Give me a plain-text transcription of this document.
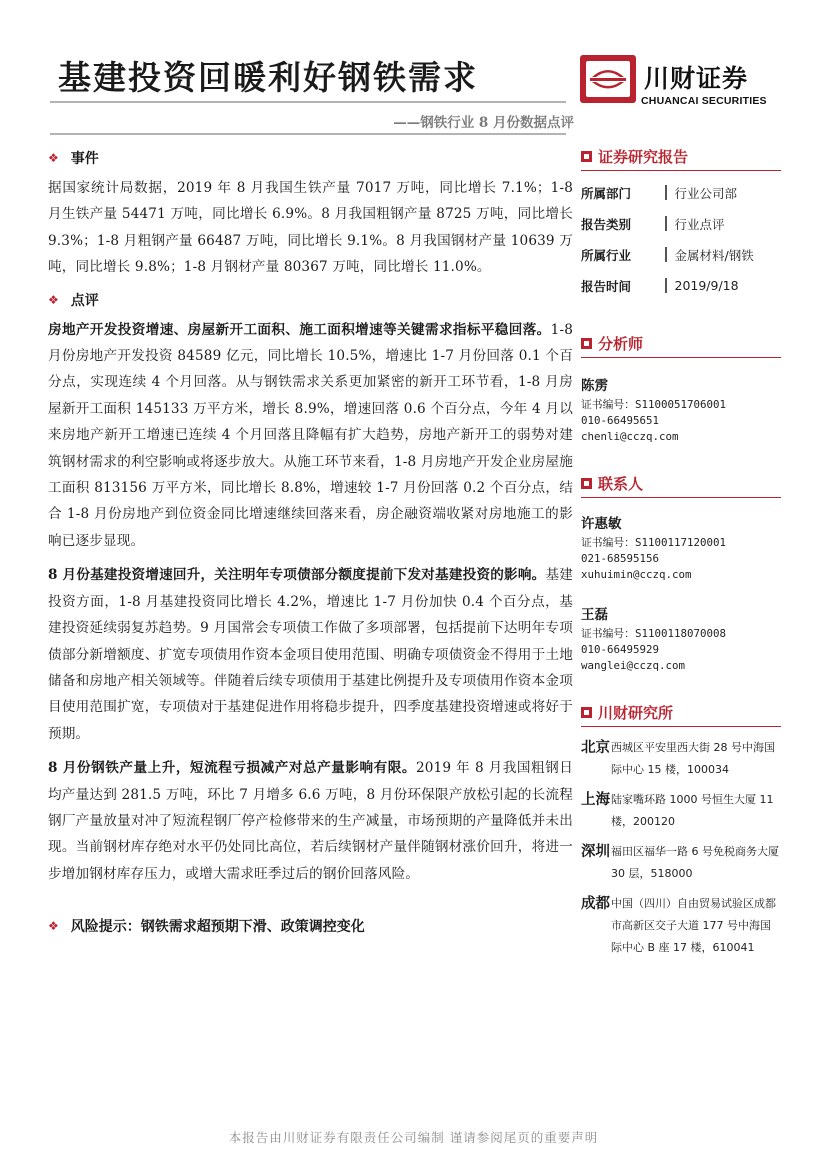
基建投资回暖利好钢铁需求

——钢铁行业 8 月份数据点评

川财证券
CHUANCAI SECURITIES
❖ 事件

据国家统计局数据，2019 年 8 月我国生铁产量 7017 万吨，同比增长 7.1%；1-8 月生铁产量 54471 万吨，同比增长 6.9%。8 月我国粗钢产量 8725 万吨，同比增长 9.3%；1-8 月粗钢产量 66487 万吨，同比增长 9.1%。8 月我国钢材产量 10639 万吨，同比增长 9.8%；1-8 月钢材产量 80367 万吨，同比增长 11.0%。

❖ 点评

房地产开发投资增速、房屋新开工面积、施工面积增速等关键需求指标平稳回落。1-8 月份房地产开发投资 84589 亿元，同比增长 10.5%，增速比 1-7 月份回落 0.1 个百分点，实现连续 4 个月回落。从与钢铁需求关系更加紧密的新开工环节看，1-8 月房屋新开工面积 145133 万平方米，增长 8.9%，增速回落 0.6 个百分点，今年 4 月以来房地产新开工增速已连续 4 个月回落且降幅有扩大趋势，房地产新开工的弱势对建筑钢材需求的利空影响或将逐步放大。从施工环节来看，1-8 月房地产开发企业房屋施工面积 813156 万平方米，同比增长 8.8%，增速较 1-7 月份回落 0.2 个百分点，结合 1-8 月份房地产到位资金同比增速继续回落来看，房企融资端收紧对房地施工的影响已逐步显现。

8 月份基建投资增速回升，关注明年专项债部分额度提前下发对基建投资的影响。基建投资方面，1-8 月基建投资同比增长 4.2%，增速比 1-7 月份加快 0.4 个百分点，基建投资延续弱复苏趋势。9 月国常会专项债工作做了多项部署，包括提前下达明年专项债部分新增额度、扩宽专项债用作资本金项目使用范围、明确专项债资金不得用于土地储备和房地产相关领域等。伴随着后续专项债用于基建比例提升及专项债用作资本金项目使用范围扩宽，专项债对于基建促进作用将稳步提升，四季度基建投资增速或将好于预期。

8 月份钢铁产量上升，短流程亏损减产对总产量影响有限。2019 年 8 月我国粗钢日均产量达到 281.5 万吨，环比 7 月增多 6.6 万吨，8 月份环保限产放松引起的长流程钢厂产量放量对冲了短流程钢厂停产检修带来的生产减量，市场预期的产量降低并未出现。当前钢材库存绝对水平仍处同比高位，若后续钢材产量伴随钢材涨价回升，将进一步增加钢材库存压力，或增大需求旺季过后的钢价回落风险。

❖ 风险提示：钢铁需求超预期下滑、政策调控变化
证券研究报告
所属部门	行业公司部
报告类别	行业点评
所属行业	金属材料/钢铁
报告时间	2019/9/18
分析师
陈雳
证书编号：S1100051706001
010-66495651
chenli@cczq.com
联系人
许惠敏
证书编号：S1100117120001
021-68595156
xuhuimin@cczq.com
王磊
证书编号：S1100118070008
010-66495929
wanglei@cczq.com
川财研究所
北京 西城区平安里西大街 28 号中海国际中心 15 楼，100034
上海 陆家嘴环路 1000 号恒生大厦 11 楼，200120
深圳 福田区福华一路 6 号免税商务大厦 30 层，518000
成都 中国（四川）自由贸易试验区成都市高新区交子大道 177 号中海国际中心 B 座 17 楼，610041
本报告由川财证券有限责任公司编制 谨请参阅尾页的重要声明
